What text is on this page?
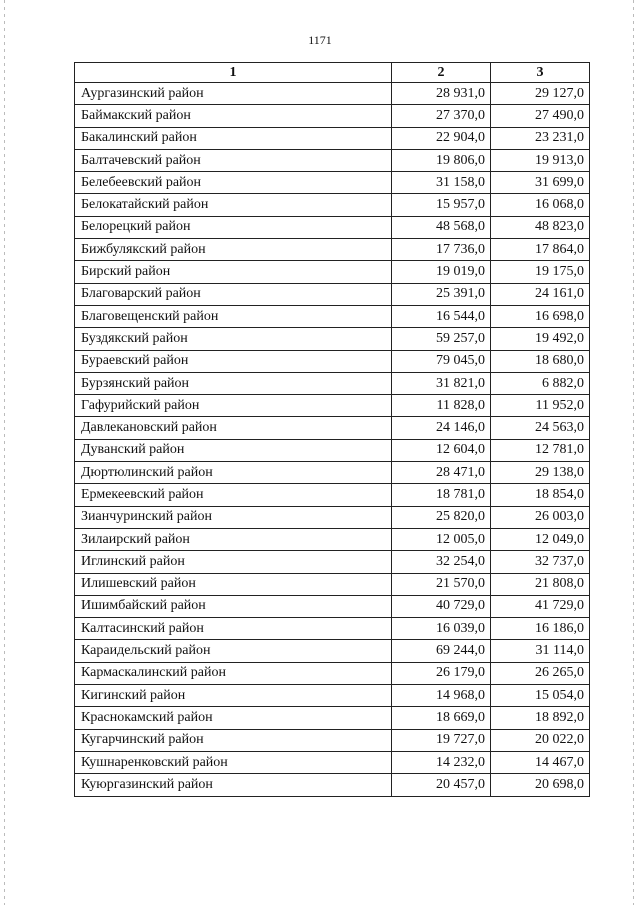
1171
1	2	3
Аургазинский район	28 931,0	29 127,0
Баймакский район	27 370,0	27 490,0
Бакалинский район	22 904,0	23 231,0
Балтачевский район	19 806,0	19 913,0
Белебеевский район	31 158,0	31 699,0
Белокатайский район	15 957,0	16 068,0
Белорецкий район	48 568,0	48 823,0
Бижбулякский район	17 736,0	17 864,0
Бирский район	19 019,0	19 175,0
Благоварский район	25 391,0	24 161,0
Благовещенский район	16 544,0	16 698,0
Буздякский район	59 257,0	19 492,0
Бураевский район	79 045,0	18 680,0
Бурзянский район	31 821,0	6 882,0
Гафурийский район	11 828,0	11 952,0
Давлекановский район	24 146,0	24 563,0
Дуванский район	12 604,0	12 781,0
Дюртюлинский район	28 471,0	29 138,0
Ермекеевский район	18 781,0	18 854,0
Зианчуринский район	25 820,0	26 003,0
Зилаирский район	12 005,0	12 049,0
Иглинский район	32 254,0	32 737,0
Илишевский район	21 570,0	21 808,0
Ишимбайский район	40 729,0	41 729,0
Калтасинский район	16 039,0	16 186,0
Караидельский район	69 244,0	31 114,0
Кармаскалинский район	26 179,0	26 265,0
Кигинский район	14 968,0	15 054,0
Краснокамский район	18 669,0	18 892,0
Кугарчинский район	19 727,0	20 022,0
Кушнаренковский район	14 232,0	14 467,0
Куюргазинский район	20 457,0	20 698,0
